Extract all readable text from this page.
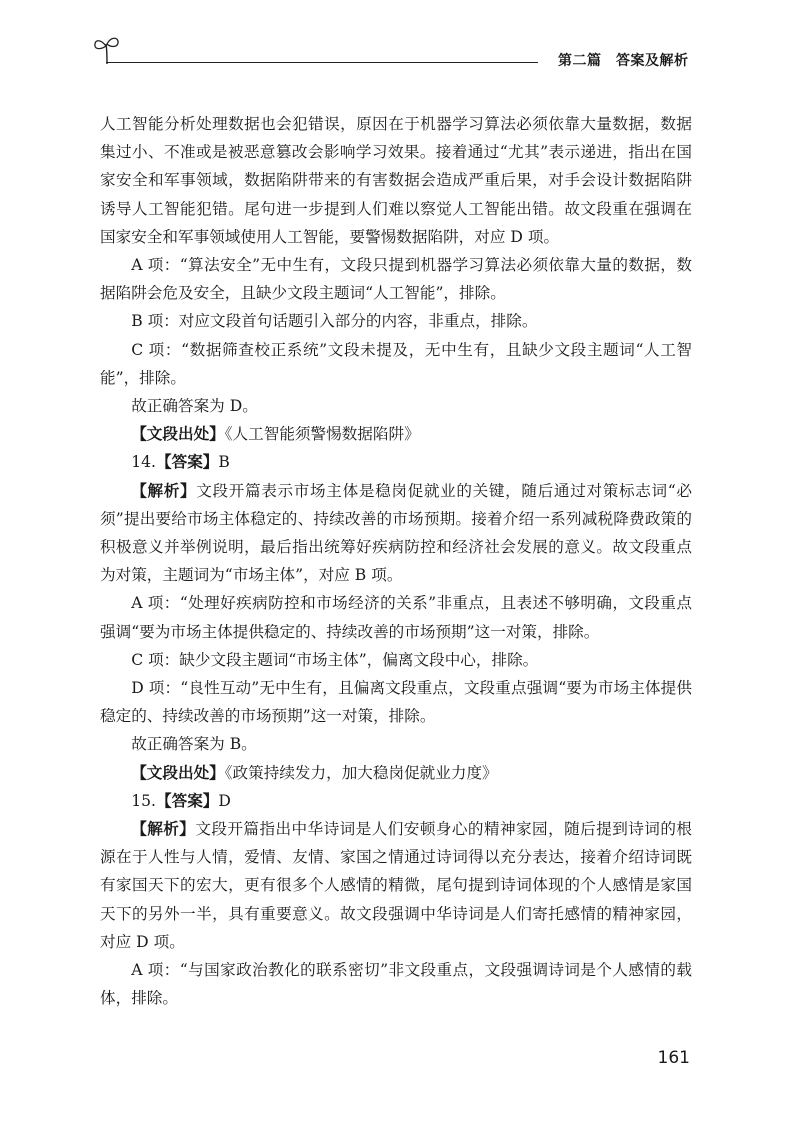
第二篇　答案及解析

人工智能分析处理数据也会犯错误，原因在于机器学习算法必须依靠大量数据，数据集过小、不准或是被恶意篡改会影响学习效果。接着通过“尤其”表示递进，指出在国家安全和军事领域，数据陷阱带来的有害数据会造成严重后果，对手会设计数据陷阱诱导人工智能犯错。尾句进一步提到人们难以察觉人工智能出错。故文段重在强调在国家安全和军事领域使用人工智能，要警惕数据陷阱，对应 D 项。

A 项：“算法安全”无中生有，文段只提到机器学习算法必须依靠大量的数据，数据陷阱会危及安全，且缺少文段主题词“人工智能”，排除。

B 项：对应文段首句话题引入部分的内容，非重点，排除。

C 项：“数据筛查校正系统”文段未提及，无中生有，且缺少文段主题词“人工智能”，排除。

故正确答案为 D。

【文段出处】《人工智能须警惕数据陷阱》

14.【答案】B

【解析】文段开篇表示市场主体是稳岗促就业的关键，随后通过对策标志词“必须”提出要给市场主体稳定的、持续改善的市场预期。接着介绍一系列减税降费政策的积极意义并举例说明，最后指出统筹好疾病防控和经济社会发展的意义。故文段重点为对策，主题词为“市场主体”，对应 B 项。

A 项：“处理好疾病防控和市场经济的关系”非重点，且表述不够明确，文段重点强调“要为市场主体提供稳定的、持续改善的市场预期”这一对策，排除。

C 项：缺少文段主题词“市场主体”，偏离文段中心，排除。

D 项：“良性互动”无中生有，且偏离文段重点，文段重点强调“要为市场主体提供稳定的、持续改善的市场预期”这一对策，排除。

故正确答案为 B。

【文段出处】《政策持续发力，加大稳岗促就业力度》

15.【答案】D

【解析】文段开篇指出中华诗词是人们安顿身心的精神家园，随后提到诗词的根源在于人性与人情，爱情、友情、家国之情通过诗词得以充分表达，接着介绍诗词既有家国天下的宏大，更有很多个人感情的精微，尾句提到诗词体现的个人感情是家国天下的另外一半，具有重要意义。故文段强调中华诗词是人们寄托感情的精神家园，对应 D 项。

A 项：“与国家政治教化的联系密切”非文段重点，文段强调诗词是个人感情的载体，排除。

161
